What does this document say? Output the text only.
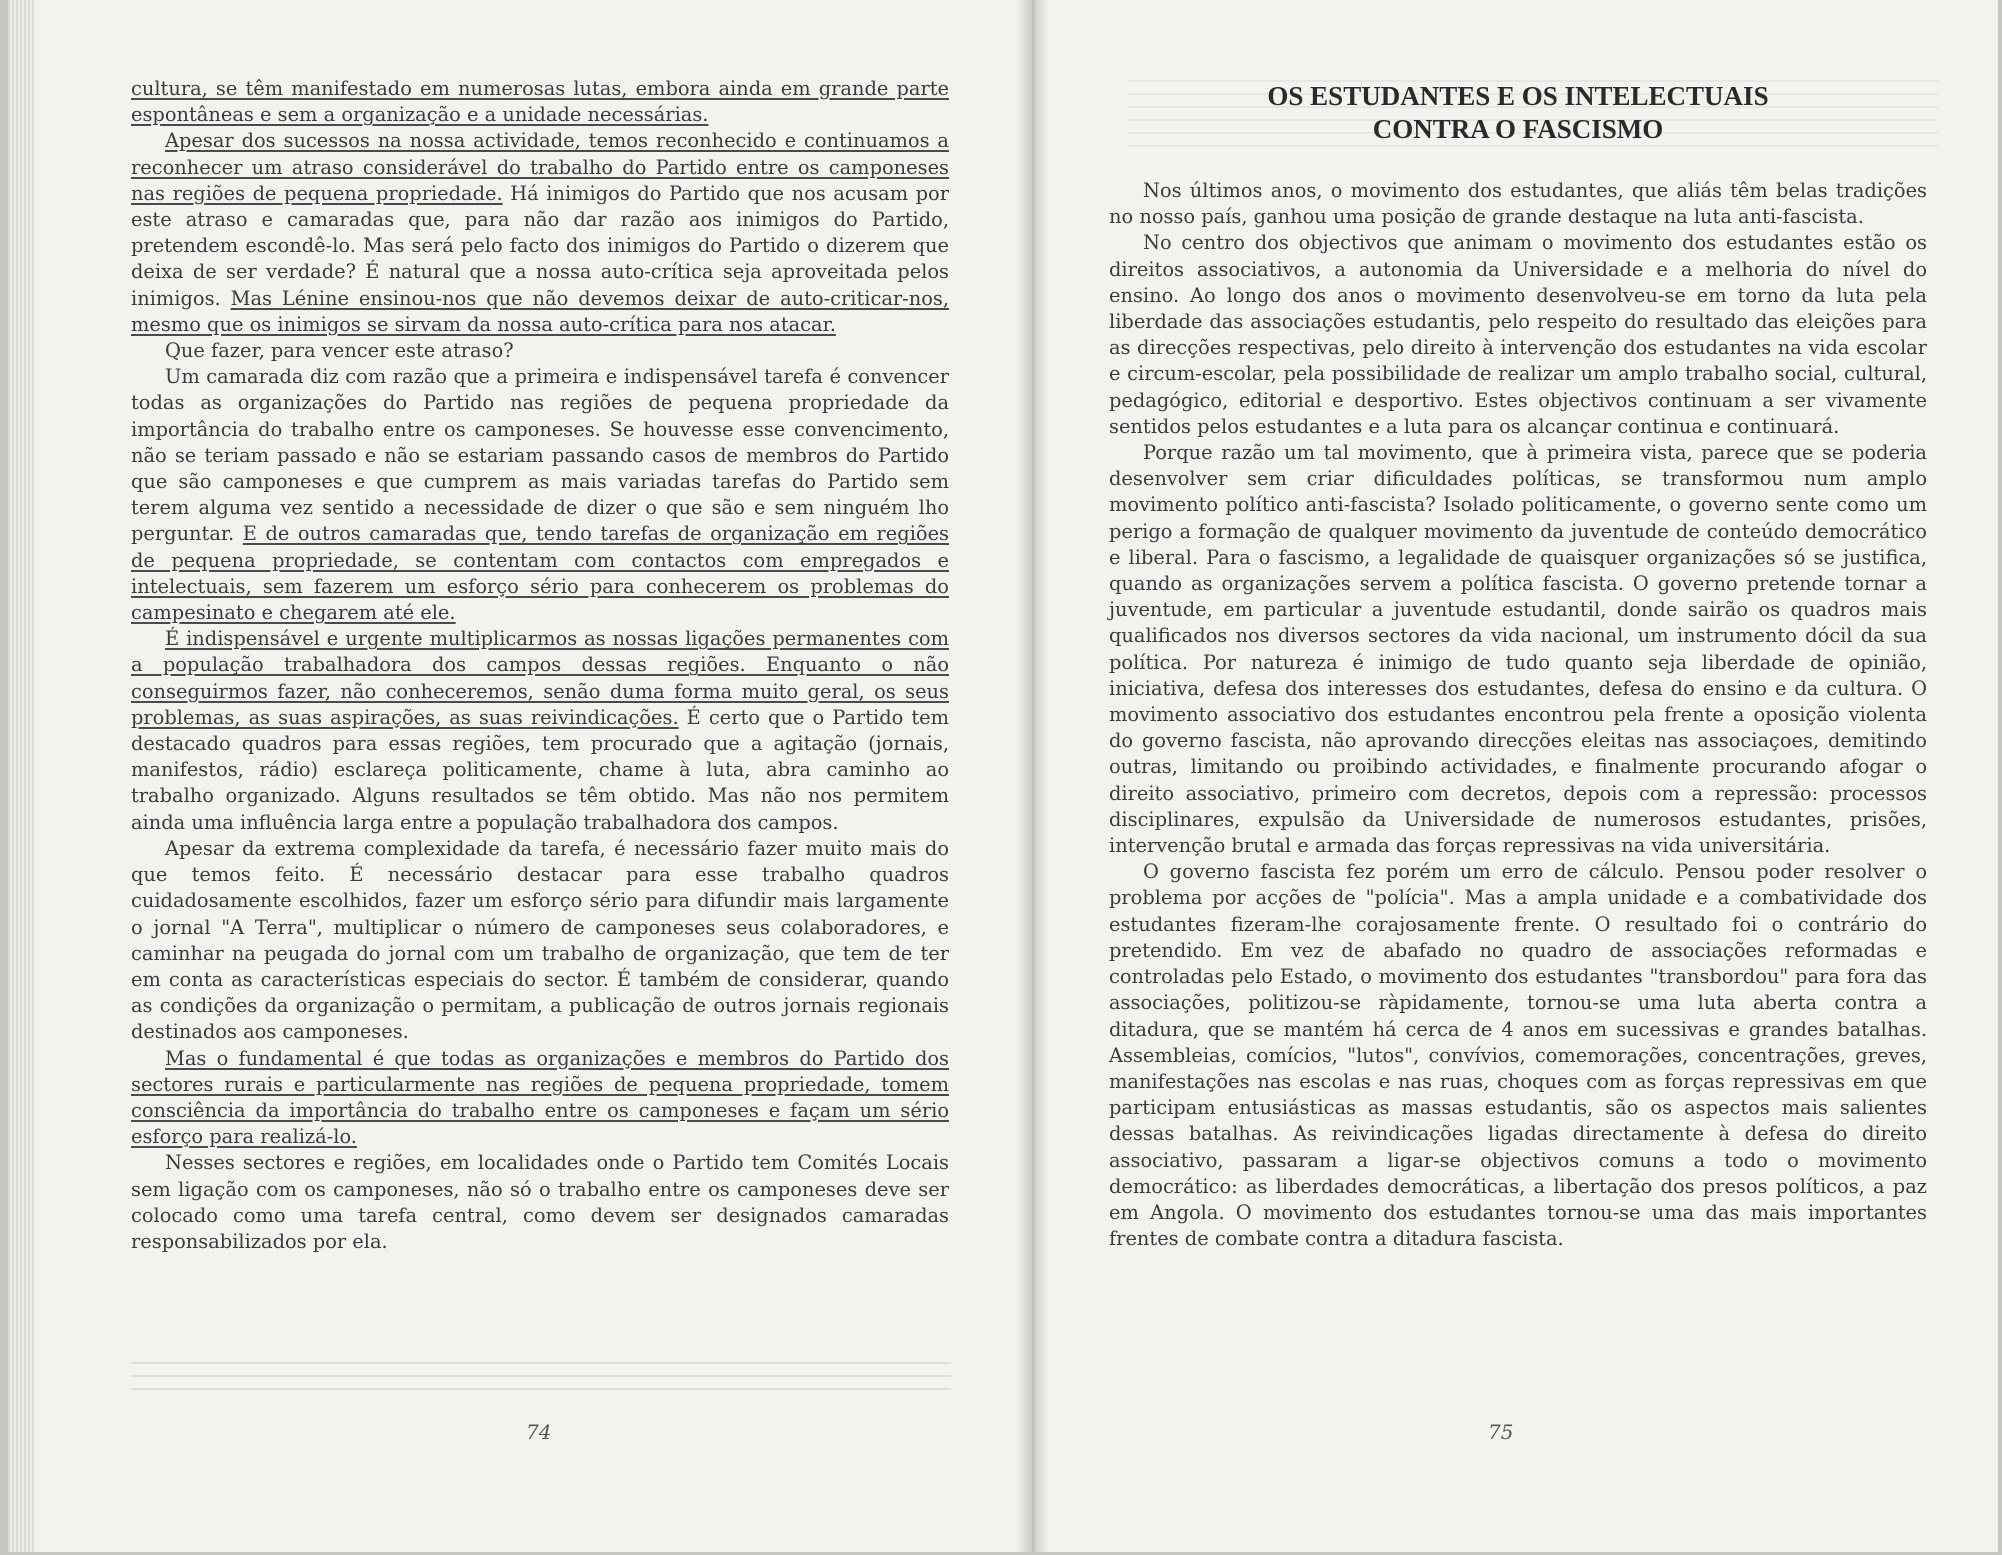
cultura, se têm manifestado em numerosas lutas, embora ainda em grande parte espontâneas e sem a organização e a unidade necessárias.

Apesar dos sucessos na nossa actividade, temos reconhecido e continuamos a reconhecer um atraso considerável do trabalho do Partido entre os camponeses nas regiões de pequena propriedade. Há inimigos do Partido que nos acusam por este atraso e camaradas que, para não dar razão aos inimigos do Partido, pretendem escondê-lo. Mas será pelo facto dos inimigos do Partido o dizerem que deixa de ser verdade? É natural que a nossa auto-crítica seja aproveitada pelos inimigos. Mas Lénine ensinou-nos que não devemos deixar de auto-criticar-nos, mesmo que os inimigos se sirvam da nossa auto-crítica para nos atacar.

Que fazer, para vencer este atraso?

Um camarada diz com razão que a primeira e indispensável tarefa é convencer todas as organizações do Partido nas regiões de pequena propriedade da importância do trabalho entre os camponeses. Se houvesse esse convencimento, não se teriam passado e não se estariam passando casos de membros do Partido que são camponeses e que cumprem as mais variadas tarefas do Partido sem terem alguma vez sentido a necessidade de dizer o que são e sem ninguém lho perguntar. E de outros camaradas que, tendo tarefas de organização em regiões de pequena propriedade, se contentam com contactos com empregados e intelectuais, sem fazerem um esforço sério para conhecerem os problemas do campesinato e chegarem até ele.

É indispensável e urgente multiplicarmos as nossas ligações permanentes com a população trabalhadora dos campos dessas regiões. Enquanto o não conseguirmos fazer, não conheceremos, senão duma forma muito geral, os seus problemas, as suas aspirações, as suas reivindicações. É certo que o Partido tem destacado quadros para essas regiões, tem procurado que a agitação (jornais, manifestos, rádio) esclareça politicamente, chame à luta, abra caminho ao trabalho organizado. Alguns resultados se têm obtido. Mas não nos permitem ainda uma influência larga entre a população trabalhadora dos campos.

Apesar da extrema complexidade da tarefa, é necessário fazer muito mais do que temos feito. É necessário destacar para esse trabalho quadros cuidadosamente escolhidos, fazer um esforço sério para difundir mais largamente o jornal "A Terra", multiplicar o número de camponeses seus colaboradores, e caminhar na peugada do jornal com um trabalho de organização, que tem de ter em conta as características especiais do sector. É também de considerar, quando as condições da organização o permitam, a publicação de outros jornais regionais destinados aos camponeses.

Mas o fundamental é que todas as organizações e membros do Partido dos sectores rurais e particularmente nas regiões de pequena propriedade, tomem consciência da importância do trabalho entre os camponeses e façam um sério esforço para realizá-lo.

Nesses sectores e regiões, em localidades onde o Partido tem Comités Locais sem ligação com os camponeses, não só o trabalho entre os camponeses deve ser colocado como uma tarefa central, como devem ser designados camaradas responsabilizados por ela.

74
OS ESTUDANTES E OS INTELECTUAIS
CONTRA O FASCISMO

Nos últimos anos, o movimento dos estudantes, que aliás têm belas tradições no nosso país, ganhou uma posição de grande destaque na luta anti-fascista.

No centro dos objectivos que animam o movimento dos estudantes estão os direitos associativos, a autonomia da Universidade e a melhoria do nível do ensino. Ao longo dos anos o movimento desenvolveu-se em torno da luta pela liberdade das associações estudantis, pelo respeito do resultado das eleições para as direcções respectivas, pelo direito à intervenção dos estudantes na vida escolar e circum-escolar, pela possibilidade de realizar um amplo trabalho social, cultural, pedagógico, editorial e desportivo. Estes objectivos continuam a ser vivamente sentidos pelos estudantes e a luta para os alcançar continua e continuará.

Porque razão um tal movimento, que à primeira vista, parece que se poderia desenvolver sem criar dificuldades políticas, se transformou num amplo movimento político anti-fascista? Isolado politicamente, o governo sente como um perigo a formação de qualquer movimento da juventude de conteúdo democrático e liberal. Para o fascismo, a legalidade de quaisquer organizações só se justifica, quando as organizações servem a política fascista. O governo pretende tornar a juventude, em particular a juventude estudantil, donde sairão os quadros mais qualificados nos diversos sectores da vida nacional, um instrumento dócil da sua política. Por natureza é inimigo de tudo quanto seja liberdade de opinião, iniciativa, defesa dos interesses dos estudantes, defesa do ensino e da cultura. O movimento associativo dos estudantes encontrou pela frente a oposição violenta do governo fascista, não aprovando direcções eleitas nas associaçoes, demitindo outras, limitando ou proibindo actividades, e finalmente procurando afogar o direito associativo, primeiro com decretos, depois com a repressão: processos disciplinares, expulsão da Universidade de numerosos estudantes, prisões, intervenção brutal e armada das forças repressivas na vida universitária.

O governo fascista fez porém um erro de cálculo. Pensou poder resolver o problema por acções de "polícia". Mas a ampla unidade e a combatividade dos estudantes fizeram-lhe corajosamente frente. O resultado foi o contrário do pretendido. Em vez de abafado no quadro de associações reformadas e controladas pelo Estado, o movimento dos estudantes "transbordou" para fora das associações, politizou-se ràpidamente, tornou-se uma luta aberta contra a ditadura, que se mantém há cerca de 4 anos em sucessivas e grandes batalhas. Assembleias, comícios, "lutos", convívios, comemorações, concentrações, greves, manifestações nas escolas e nas ruas, choques com as forças repressivas em que participam entusiásticas as massas estudantis, são os aspectos mais salientes dessas batalhas. As reivindicações ligadas directamente à defesa do direito associativo, passaram a ligar-se objectivos comuns a todo o movimento democrático: as liberdades democráticas, a libertação dos presos políticos, a paz em Angola. O movimento dos estudantes tornou-se uma das mais importantes frentes de combate contra a ditadura fascista.

75
